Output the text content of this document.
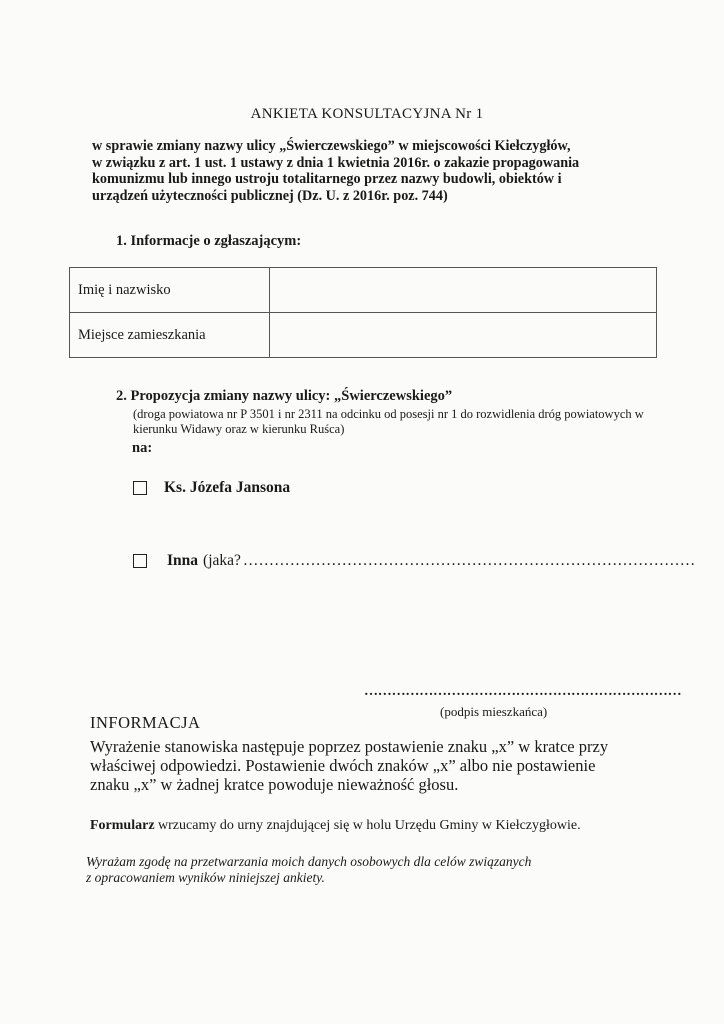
ANKIETA KONSULTACYJNA Nr 1
w sprawie zmiany nazwy ulicy „Świerczewskiego” w miejscowości Kiełczygłów,
w związku z art. 1 ust. 1 ustawy z dnia 1 kwietnia 2016r. o zakazie propagowania
komunizmu lub innego ustroju totalitarnego przez nazwy budowli, obiektów i
urządzeń użyteczności publicznej (Dz. U. z 2016r. poz. 744)
1. Informacje o zgłaszającym:
Imię i nazwisko	
Miejsce zamieszkania	
2. Propozycja zmiany nazwy ulicy: „Świerczewskiego”
(droga powiatowa nr P 3501 i nr 2311 na odcinku od posesji nr 1 do rozwidlenia dróg powiatowych w kierunku Widawy oraz w kierunku Ruśca)
na:
Ks. Józefa Jansona
Inna (jaka? ……………………………………………………………………………
……………………………………………………………
(podpis mieszkańca)
INFORMACJA
Wyrażenie stanowiska następuje poprzez postawienie znaku „x” w kratce przy
właściwej odpowiedzi. Postawienie dwóch znaków „x” albo nie postawienie
znaku „x” w żadnej kratce powoduje nieważność głosu.
Formularz wrzucamy do urny znajdującej się w holu Urzędu Gminy w Kiełczygłowie.
Wyrażam zgodę na przetwarzania moich danych osobowych dla celów związanych
z opracowaniem wyników niniejszej ankiety.
